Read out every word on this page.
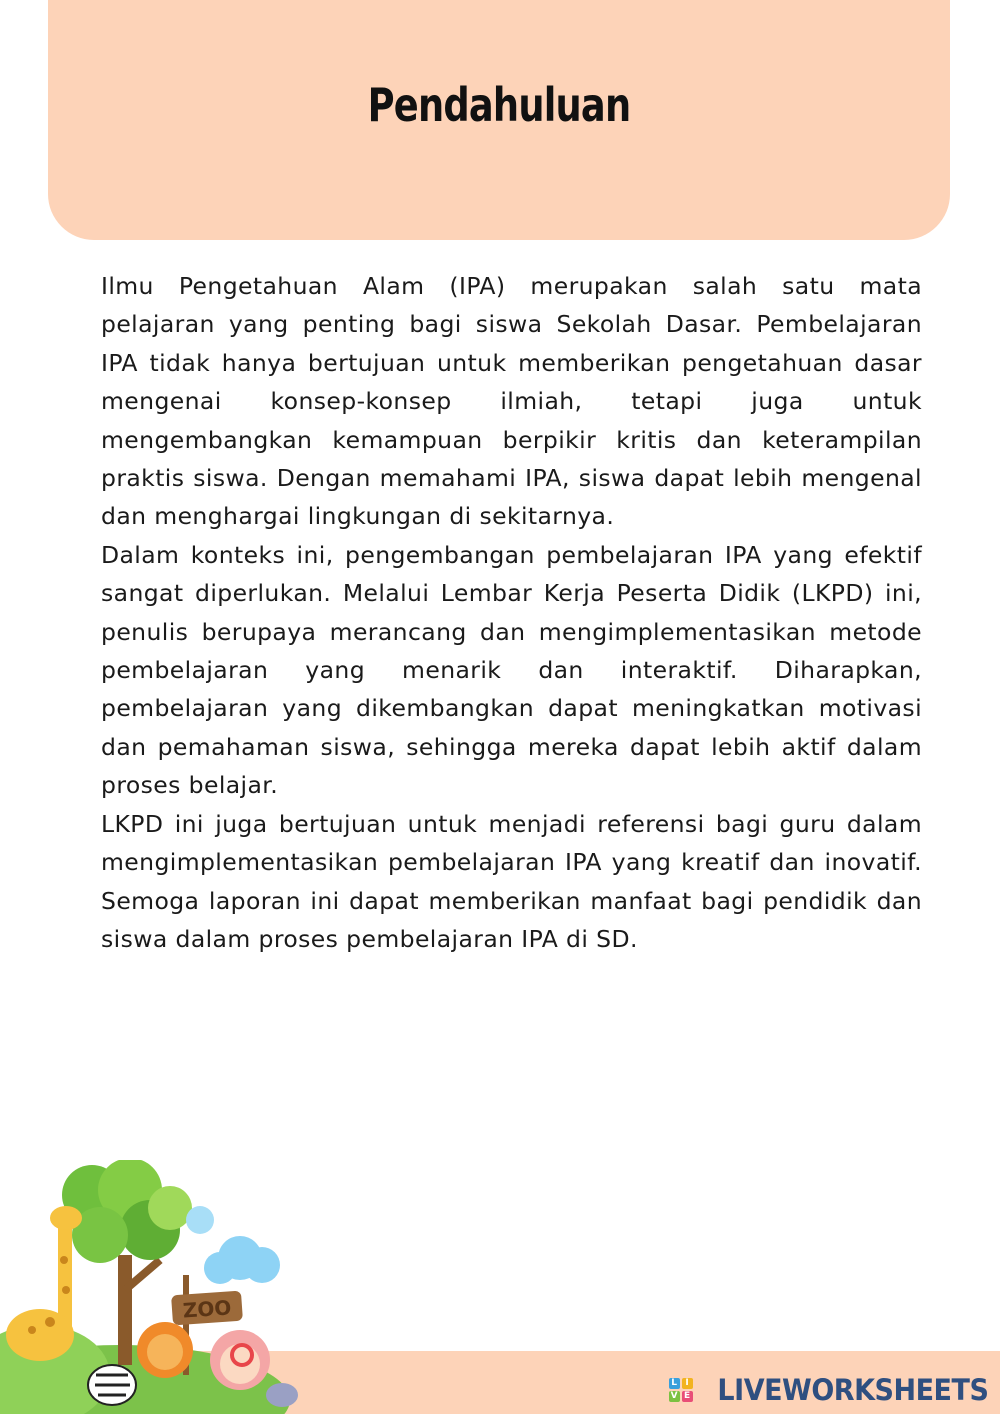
Pendahuluan

Ilmu Pengetahuan Alam (IPA) merupakan salah satu mata pelajaran yang penting bagi siswa Sekolah Dasar. Pembelajaran IPA tidak hanya bertujuan untuk memberikan pengetahuan dasar mengenai konsep-konsep ilmiah, tetapi juga untuk mengembangkan kemampuan berpikir kritis dan keterampilan praktis siswa. Dengan memahami IPA, siswa dapat lebih mengenal dan menghargai lingkungan di sekitarnya.

Dalam konteks ini, pengembangan pembelajaran IPA yang efektif sangat diperlukan. Melalui Lembar Kerja Peserta Didik (LKPD) ini, penulis berupaya merancang dan mengimplementasikan metode pembelajaran yang menarik dan interaktif. Diharapkan, pembelajaran yang dikembangkan dapat meningkatkan motivasi dan pemahaman siswa, sehingga mereka dapat lebih aktif dalam proses belajar.

LKPD ini juga bertujuan untuk menjadi referensi bagi guru dalam mengimplementasikan pembelajaran IPA yang kreatif dan inovatif. Semoga laporan ini dapat memberikan manfaat bagi pendidik dan siswa dalam proses pembelajaran IPA di SD.

ZOO
L I
V E LIVEWORKSHEETS
